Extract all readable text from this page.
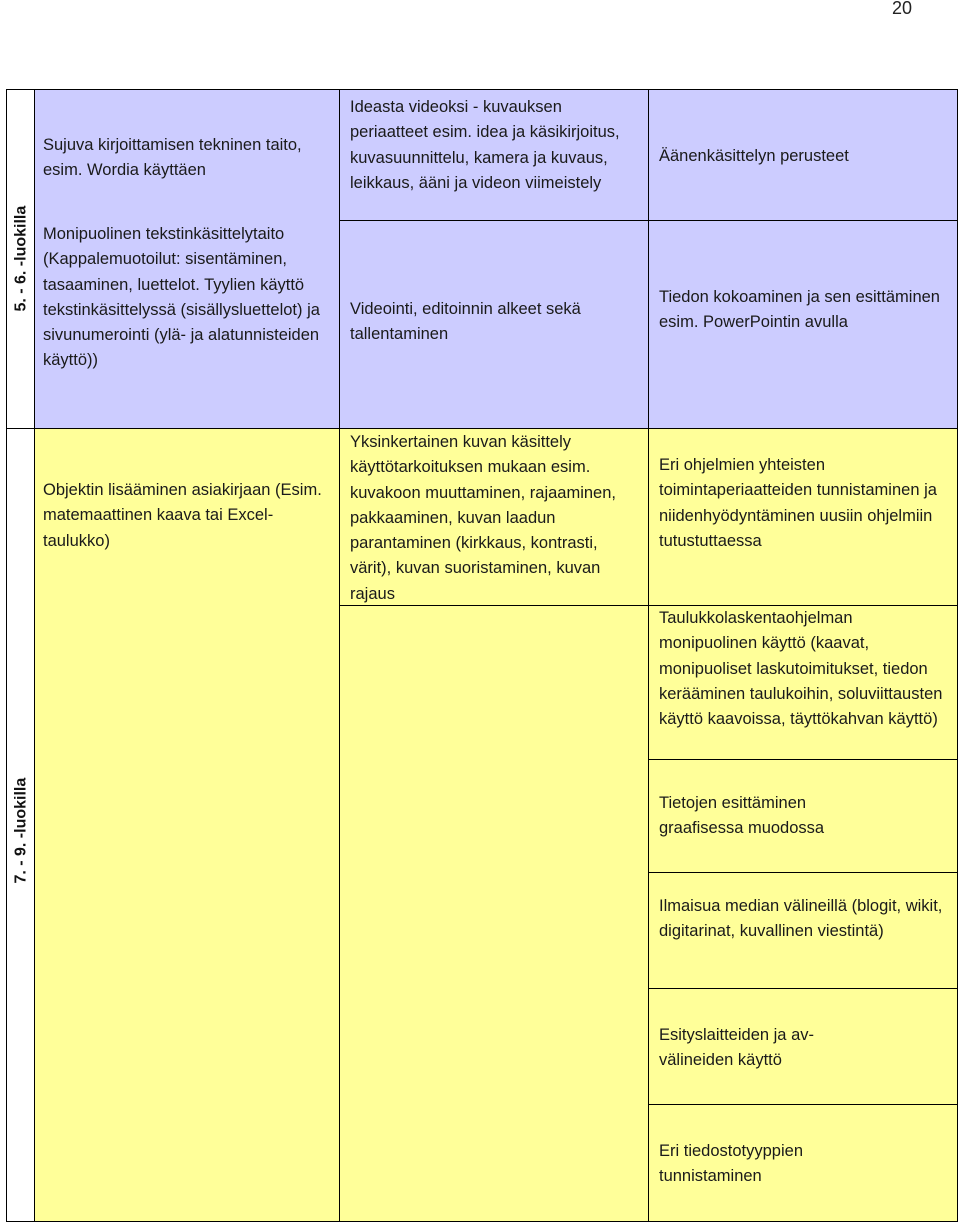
20
5. - 6. -luokilla
7. - 9. -luokilla
Sujuva kirjoittamisen tekninen taito, esim. Wordia käyttäen
Monipuolinen tekstinkäsittelytaito (Kappalemuotoilut: sisentäminen, tasaaminen, luettelot. Tyylien käyttö tekstinkäsittelyssä (sisällysluettelot) ja sivunumerointi (ylä- ja alatunnisteiden käyttö))
Objektin lisääminen asiakirjaan (Esim. matemaattinen kaava tai Excel-taulukko)
Ideasta videoksi - kuvauksen periaatteet esim. idea ja käsikirjoitus, kuvasuunnittelu, kamera ja kuvaus, leikkaus, ääni ja videon viimeistely
Videointi, editoinnin alkeet sekä tallentaminen
Yksinkertainen kuvan käsittely käyttötarkoituksen mukaan esim. kuvakoon muuttaminen, rajaaminen, pakkaaminen, kuvan laadun parantaminen (kirkkaus, kontrasti, värit), kuvan suoristaminen, kuvan rajaus
Äänenkäsittelyn perusteet
Tiedon kokoaminen ja sen esittäminen esim. PowerPointin avulla
Eri ohjelmien yhteisten toimintaperiaatteiden tunnistaminen ja niidenhyödyntäminen uusiin ohjelmiin tutustuttaessa
Taulukkolaskentaohjelman monipuolinen käyttö (kaavat, monipuoliset laskutoimitukset, tiedon kerääminen taulukoihin, soluviittausten käyttö kaavoissa, täyttökahvan käyttö)
Tietojen esittäminen graafisessa muodossa
Ilmaisua median välineillä (blogit, wikit, digitarinat, kuvallinen viestintä)
Esityslaitteiden ja av-välineiden käyttö
Eri tiedostotyyppien tunnistaminen
